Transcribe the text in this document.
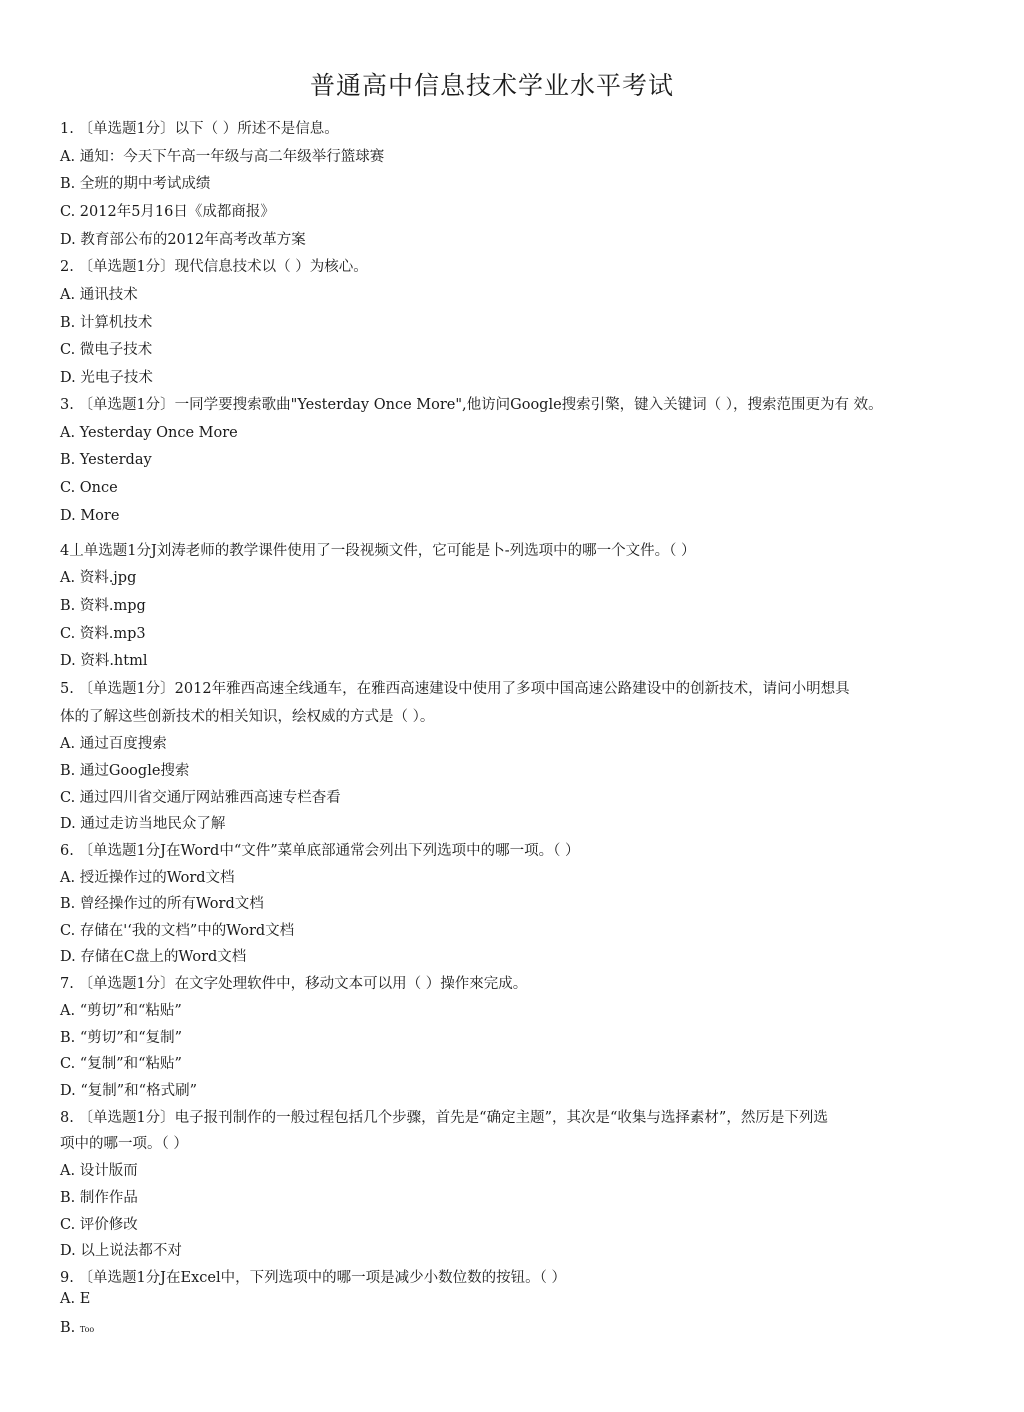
普通高中信息技术学业水平考试
1. 〔单选题1分〕以下（ ）所述不是信息。
A. 通知：今天下午高一年级与高二年级举行篮球赛
B. 全班的期中考试成绩
C. 2012年5月16日《成都商报》
D. 教育部公布的2012年高考改革方案
2. 〔单选题1分〕现代信息技术以（ ）为核心。
A. 通讯技术
B. 计算机技术
C. 微电子技术
D. 光电子技术
3. 〔单选题1分〕一同学要搜索歌曲"Yesterday Once More",他访问Google搜索引檠，键入关键词（ ），搜索范围更为有 效。
A. Yesterday Once More
B. Yesterday
C. Once
D. More
4丄单选题1分J刘涛老师的教学课件使用了一段视频文件，它可能是卜-列选项中的哪一个文件。（ ）
A. 资料.jpg
B. 资料.mpg
C. 资料.mp3
D. 资料.html
5. 〔单选题1分〕2012年雅西高速全线通车，在雅西高速建设中使用了多项中国高速公路建设中的创新技术，请问小明想具
体的了解这些创新技术的相关知识，绘权威的方式是（ ）。
A. 通过百度搜索
B. 通过Google搜索
C. 通过四川省交通厅网站雅西高速专栏杳看
D. 通过走访当地民众了解
6. 〔单选题1分J在Word中“文件”菜单底部通常会列出下列选项中的哪一项。（ ）
A. 授近操作过的Word文档
B. 曾经操作过的所有Word文档
C. 存储在'‘我的文档”中的Word文档
D. 存储在C盘上的Word文档
7. 〔单选题1分〕在文字处理软件中，移动文本可以用（ ）操作來完成。
A. “剪切”和“粘贴”
B. “剪切”和“复制”
C. “复制”和“粘贴”
D. “复制”和“格式刷”
8. 〔单选题1分〕电子报刊制作的一般过程包括几个步骤，首先是“确定主题”，其次是“收集与选择素材”，然厉是下列选
项中的哪一项。（ ）
A. 设计版而
B. 制作作品
C. 评价修改
D. 以上说法都不对
9. 〔单选题1分J在Excel中，下列选项中的哪一项是减少小数位数的按钮。（ ）
A. E
B. Too
